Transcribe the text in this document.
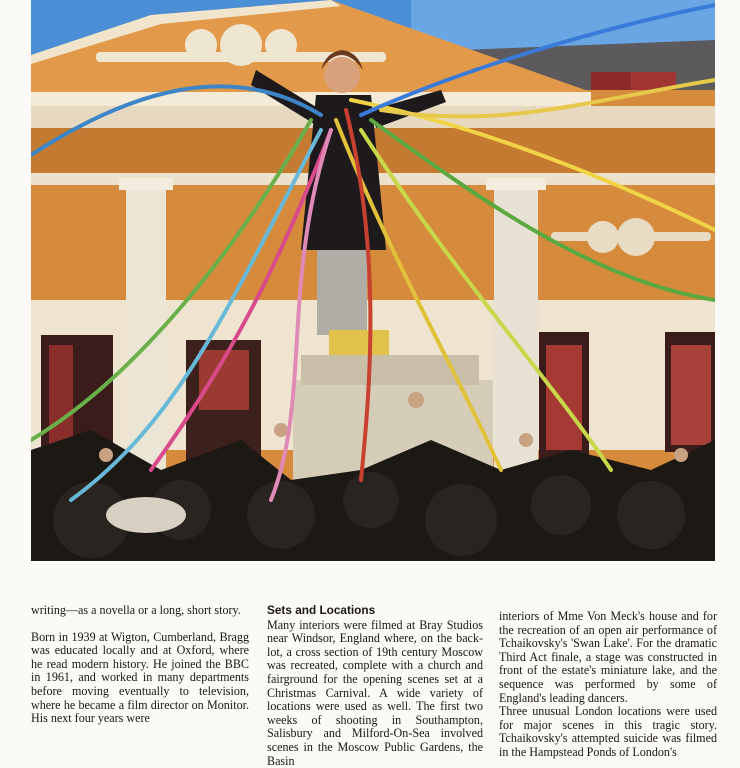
writing—as a novella or a long, short story.

Born in 1939 at Wigton, Cumberland, Bragg was educated locally and at Oxford, where he read modern history. He joined the BBC in 1961, and worked in many departments before moving eventually to television, where he became a film director on Monitor. His next four years were

Sets and Locations

Many interiors were filmed at Bray Studios near Windsor, England where, on the back-lot, a cross section of 19th century Moscow was recreated, complete with a church and fairground for the opening scenes set at a Christmas Carnival. A wide variety of locations were used as well. The first two weeks of shooting in Southampton, Salisbury and Milford-On-Sea involved scenes in the Moscow Public Gardens, the Basin

interiors of Mme Von Meck's house and for the recreation of an open air performance of Tchaikovsky's 'Swan Lake'. For the dramatic Third Act finale, a stage was constructed in front of the estate's miniature lake, and the sequence was performed by some of England's leading dancers.

Three unusual London locations were used for major scenes in this tragic story. Tchaikovsky's attempted suicide was filmed in the Hampstead Ponds of London's
